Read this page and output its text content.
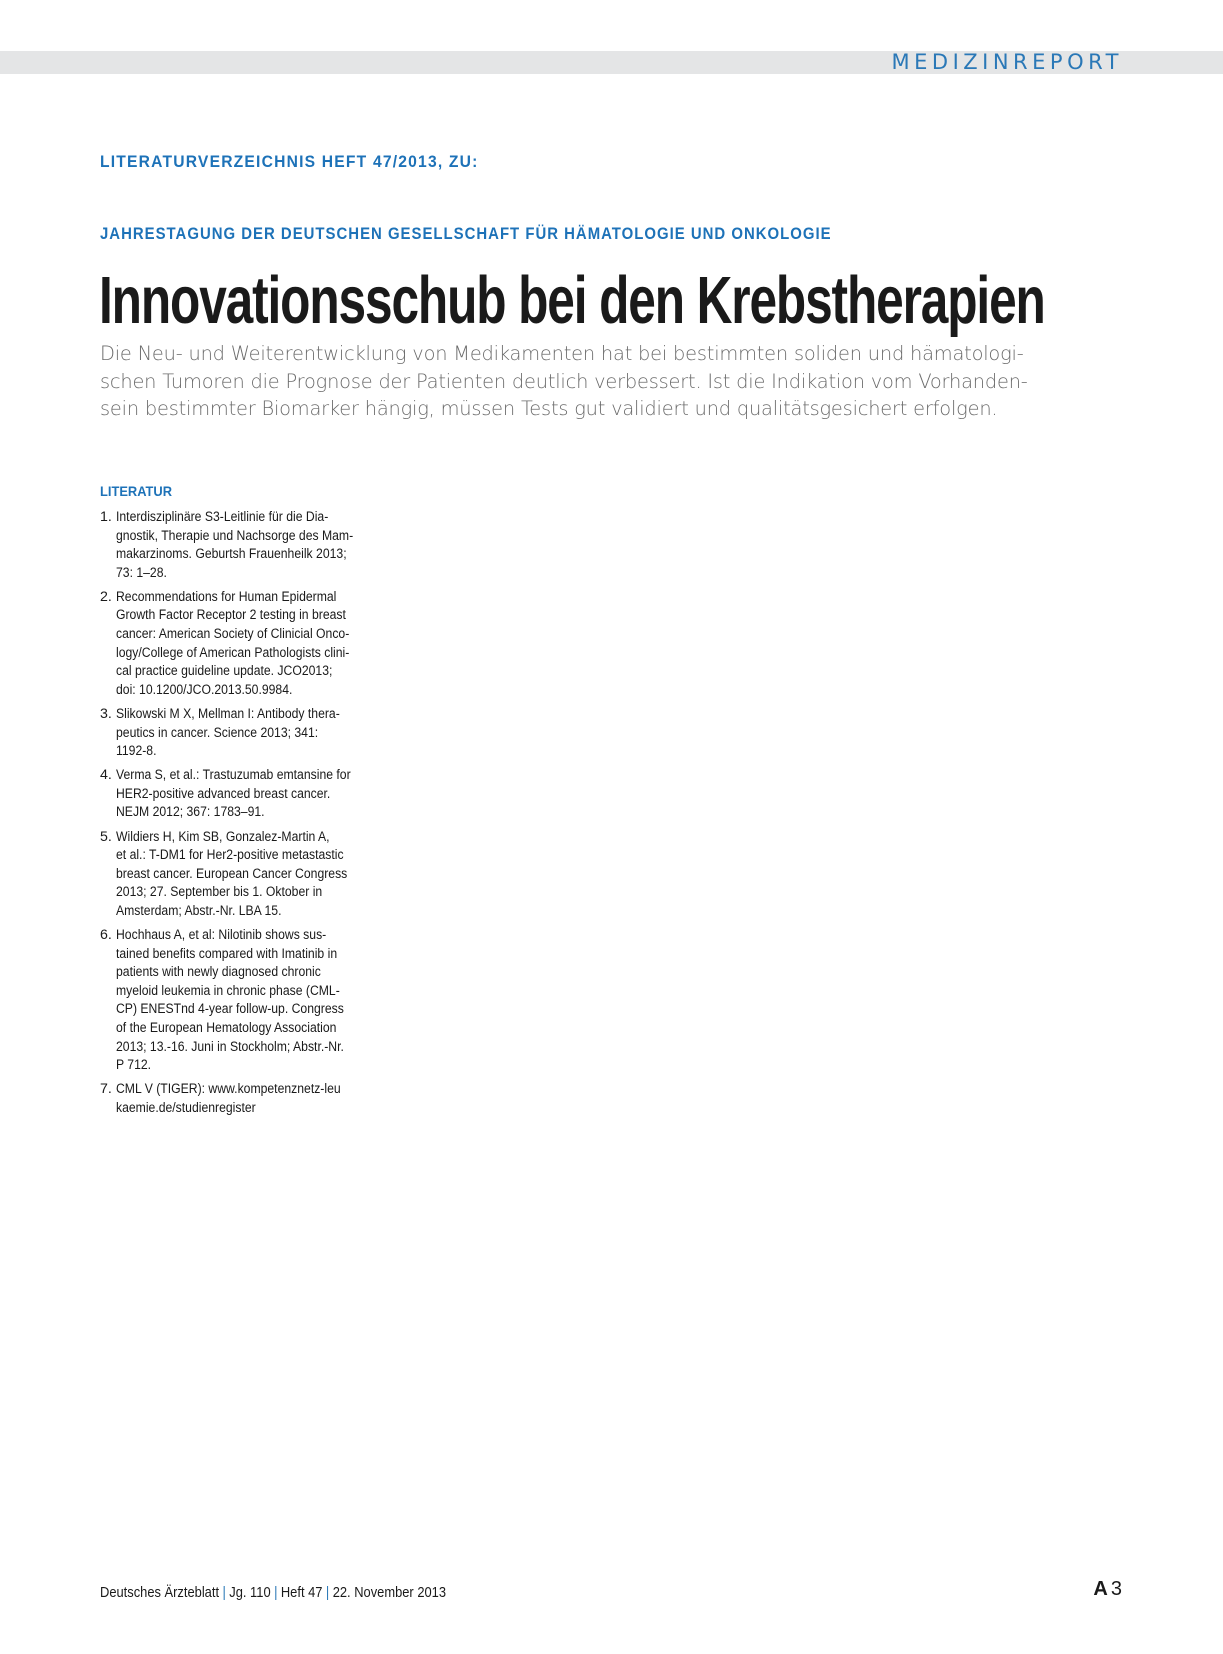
MEDIZINREPORT
LITERATURVERZEICHNIS HEFT 47/2013, ZU:
JAHRESTAGUNG DER DEUTSCHEN GESELLSCHAFT FÜR HÄMATOLOGIE UND ONKOLOGIE
Innovationsschub bei den Krebstherapien
Die Neu- und Weiterentwicklung von Medikamenten hat bei bestimmten soliden und hämatologi-
schen Tumoren die Prognose der Patienten deutlich verbessert. Ist die Indikation vom Vorhanden-
sein bestimmter Biomarker hängig, müssen Tests gut validiert und qualitätsgesichert erfolgen.
LITERATUR
1. Interdisziplinäre S3-Leitlinie für die Dia-
gnostik, Therapie und Nachsorge des Mam-
makarzinoms. Geburtsh Frauenheilk 2013;
73: 1–28.
2. Recommendations for Human Epidermal
Growth Factor Receptor 2 testing in breast
cancer: American Society of Clinicial Onco-
logy/College of American Pathologists clini-
cal practice guideline update. JCO2013;
doi: 10.1200/JCO.2013.50.9984.
3. Slikowski M X, Mellman I: Antibody thera-
peutics in cancer. Science 2013; 341:
1192-8.
4. Verma S, et al.: Trastuzumab emtansine for
HER2-positive advanced breast cancer.
NEJM 2012; 367: 1783–91.
5. Wildiers H, Kim SB, Gonzalez-Martin A,
et al.: T-DM1 for Her2-positive metastastic
breast cancer. European Cancer Congress
2013; 27. September bis 1. Oktober in
Amsterdam; Abstr.-Nr. LBA 15.
6. Hochhaus A, et al: Nilotinib shows sus-
tained benefits compared with Imatinib in
patients with newly diagnosed chronic
myeloid leukemia in chronic phase (CML-
CP) ENESTnd 4-year follow-up. Congress
of the European Hematology Association
2013; 13.-16. Juni in Stockholm; Abstr.-Nr.
P 712.
7. CML V (TIGER): www.kompetenznetz-leu
kaemie.de/studienregister
Deutsches Ärzteblatt | Jg. 110 | Heft 47 | 22. November 2013	A 3
